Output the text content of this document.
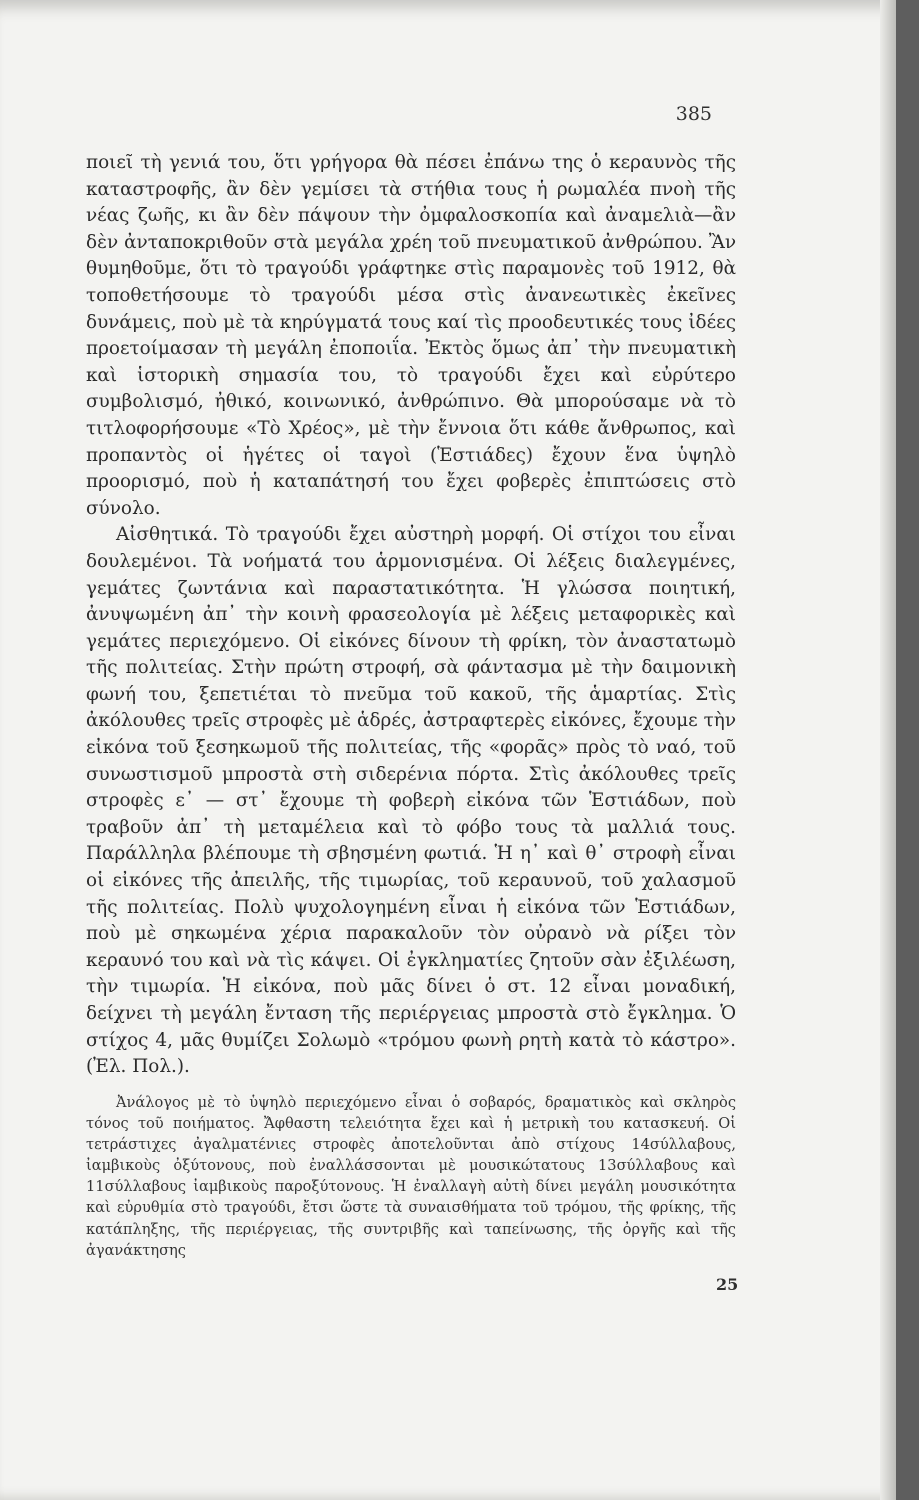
385

ποιεῖ τὴ γενιά του, ὅτι γρήγορα θὰ πέσει ἐπάνω της ὁ κεραυνὸς τῆς καταστροφῆς, ἂν δὲν γεμίσει τὰ στήθια τους ἡ ρωμαλέα πνοὴ τῆς νέας ζωῆς, κι ἂν δὲν πάψουν τὴν ὀμφαλοσκοπία καὶ ἀναμελιὰ—ἂν δὲν ἀνταποκριθοῦν στὰ μεγάλα χρέη τοῦ πνευματικοῦ ἀνθρώπου. Ἂν θυμηθοῦμε, ὅτι τὸ τραγούδι γράφτηκε στὶς παραμονὲς τοῦ 1912, θὰ τοποθετήσουμε τὸ τραγούδι μέσα στὶς ἀνανεωτικὲς ἐκεῖνες δυνάμεις, ποὺ μὲ τὰ κηρύγματά τους καί τὶς προοδευτικές τους ἰδέες προετοίμασαν τὴ μεγάλη ἐποποιΐα. Ἐκτὸς ὅμως ἀπ᾿ τὴν πνευματικὴ καὶ ἱστορικὴ σημασία του, τὸ τραγούδι ἔχει καὶ εὐρύτερο συμβολισμό, ἠθικό, κοινωνικό, ἀνθρώπινο. Θὰ μπορούσαμε νὰ τὸ τιτλοφορήσουμε «Τὸ Χρέος», μὲ τὴν ἔννοια ὅτι κάθε ἄνθρωπος, καὶ προπαντὸς οἱ ἡγέτες οἱ ταγοὶ (Ἑστιάδες) ἔχουν ἕνα ὑψηλὸ προορισμό, ποὺ ἡ καταπάτησή του ἔχει φοβερὲς ἐπιπτώσεις στὸ σύνολο.

Αἰσθητικά. Τὸ τραγούδι ἔχει αὐστηρὴ μορφή. Οἱ στίχοι του εἶναι δουλεμένοι. Τὰ νοήματά του ἁρμονισμένα. Οἱ λέξεις διαλεγμένες, γεμάτες ζωντάνια καὶ παραστατικότητα. Ἡ γλώσσα ποιητική, ἀνυψωμένη ἀπ᾿ τὴν κοινὴ φρασεολογία μὲ λέξεις μεταφορικὲς καὶ γεμάτες περιεχόμενο. Οἱ εἰκόνες δίνουν τὴ φρίκη, τὸν ἀναστατωμὸ τῆς πολιτείας. Στὴν πρώτη στροφή, σὰ φάντασμα μὲ τὴν δαιμονικὴ φωνή του, ξεπετιέται τὸ πνεῦμα τοῦ κακοῦ, τῆς ἁμαρτίας. Στὶς ἀκόλουθες τρεῖς στροφὲς μὲ ἁδρές, ἀστραφτερὲς εἰκόνες, ἔχουμε τὴν εἰκόνα τοῦ ξεσηκωμοῦ τῆς πολιτείας, τῆς «φορᾶς» πρὸς τὸ ναό, τοῦ συνωστισμοῦ μπροστὰ στὴ σιδερένια πόρτα. Στὶς ἀκόλουθες τρεῖς στροφὲς ε᾿ — στ᾿ ἔχουμε τὴ φοβερὴ εἰκόνα τῶν Ἑστιάδων, ποὺ τραβοῦν ἀπ᾿ τὴ μεταμέλεια καὶ τὸ φόβο τους τὰ μαλλιά τους. Παράλληλα βλέπουμε τὴ σβησμένη φωτιά. Ἡ η᾿ καὶ θ᾿ στροφὴ εἶναι οἱ εἰκόνες τῆς ἀπειλῆς, τῆς τιμωρίας, τοῦ κεραυνοῦ, τοῦ χαλασμοῦ τῆς πολιτείας. Πολὺ ψυχολογημένη εἶναι ἡ εἰκόνα τῶν Ἑστιάδων, ποὺ μὲ σηκωμένα χέρια παρακαλοῦν τὸν οὐρανὸ νὰ ρίξει τὸν κεραυνό του καὶ νὰ τὶς κάψει. Οἱ ἐγκληματίες ζητοῦν σὰν ἐξιλέωση, τὴν τιμωρία. Ἡ εἰκόνα, ποὺ μᾶς δίνει ὁ στ. 12 εἶναι μοναδική, δείχνει τὴ μεγάλη ἔνταση τῆς περιέργειας μπροστὰ στὸ ἔγκλημα. Ὁ στίχος 4, μᾶς θυμίζει Σολωμὸ «τρόμου φωνὴ ρητὴ κατὰ τὸ κάστρο». (Ἐλ. Πολ.).

Ἀνάλογος μὲ τὸ ὑψηλὸ περιεχόμενο εἶναι ὁ σοβαρός, δραματικὸς καὶ σκληρὸς τόνος τοῦ ποιήματος. Ἄφθαστη τελειότητα ἔχει καὶ ἡ μετρικὴ του κατασκευή. Οἱ τετράστιχες ἀγαλματένιες στροφὲς ἀποτελοῦνται ἀπὸ στίχους 14σύλλαβους, ἰαμβικοὺς ὀξύτονους, ποὺ ἐναλλάσσονται μὲ μουσικώτατους 13σύλλαβους καὶ 11σύλλαβους ἰαμβικοὺς παροξύτονους. Ἡ ἐναλλαγὴ αὐτὴ δίνει μεγάλη μουσικότητα καὶ εὐρυθμία στὸ τραγούδι, ἔτσι ὥστε τὰ συναισθήματα τοῦ τρόμου, τῆς φρίκης, τῆς κατάπληξης, τῆς περιέργειας, τῆς συντριβῆς καὶ ταπείνωσης, τῆς ὀργῆς καὶ τῆς ἀγανάκτησης

25
